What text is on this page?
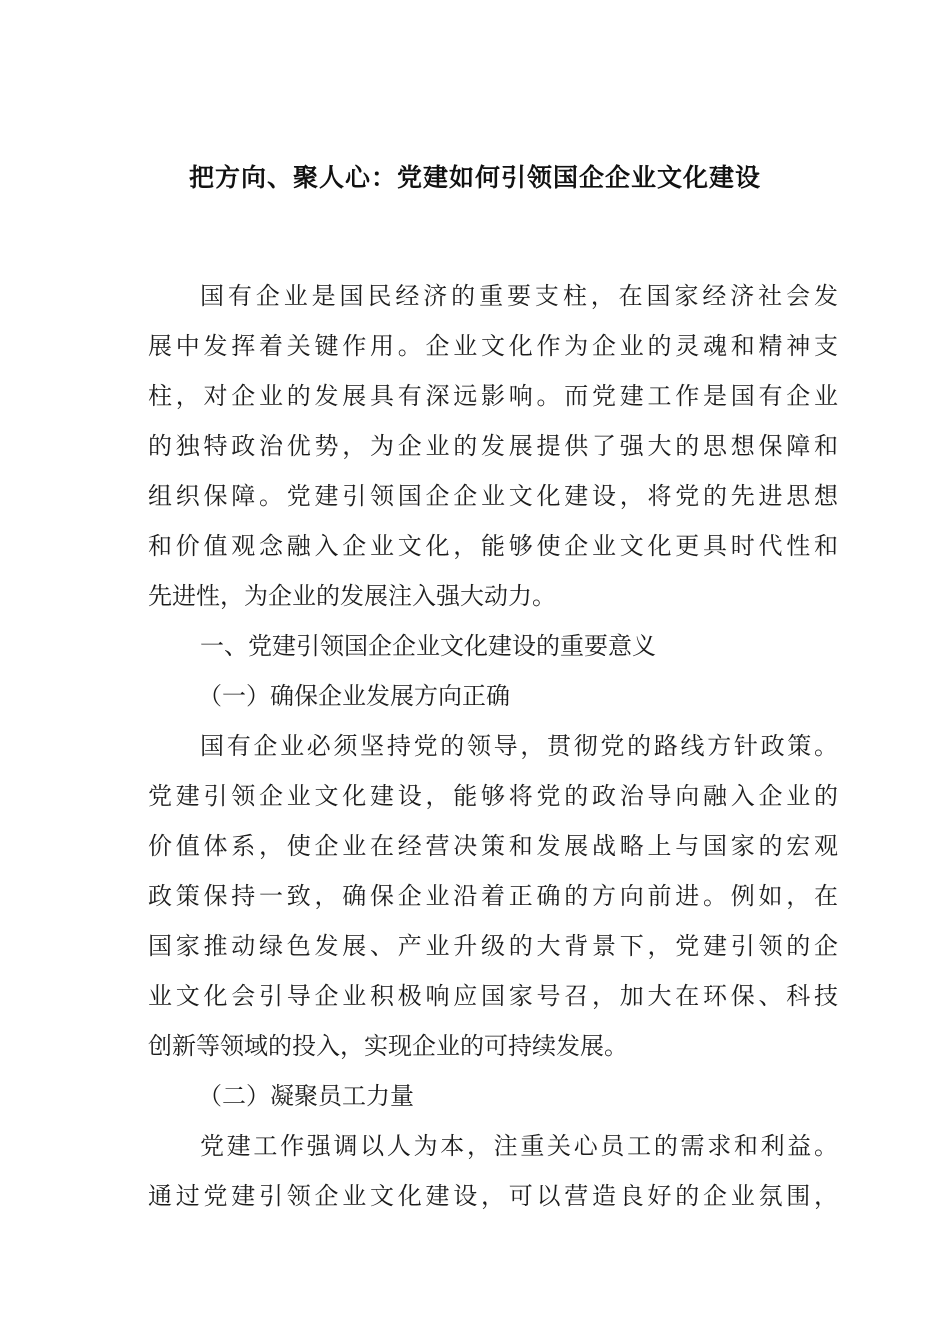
把方向、聚人心：党建如何引领国企企业文化建设

国有企业是国民经济的重要支柱，在国家经济社会发

展中发挥着关键作用。企业文化作为企业的灵魂和精神支

柱，对企业的发展具有深远影响。而党建工作是国有企业

的独特政治优势，为企业的发展提供了强大的思想保障和

组织保障。党建引领国企企业文化建设，将党的先进思想

和价值观念融入企业文化，能够使企业文化更具时代性和

先进性，为企业的发展注入强大动力。

一、党建引领国企企业文化建设的重要意义

（一）确保企业发展方向正确

国有企业必须坚持党的领导，贯彻党的路线方针政策。

党建引领企业文化建设，能够将党的政治导向融入企业的

价值体系，使企业在经营决策和发展战略上与国家的宏观

政策保持一致，确保企业沿着正确的方向前进。例如，在

国家推动绿色发展、产业升级的大背景下，党建引领的企

业文化会引导企业积极响应国家号召，加大在环保、科技

创新等领域的投入，实现企业的可持续发展。

（二）凝聚员工力量

党建工作强调以人为本，注重关心员工的需求和利益。

通过党建引领企业文化建设，可以营造良好的企业氛围，
